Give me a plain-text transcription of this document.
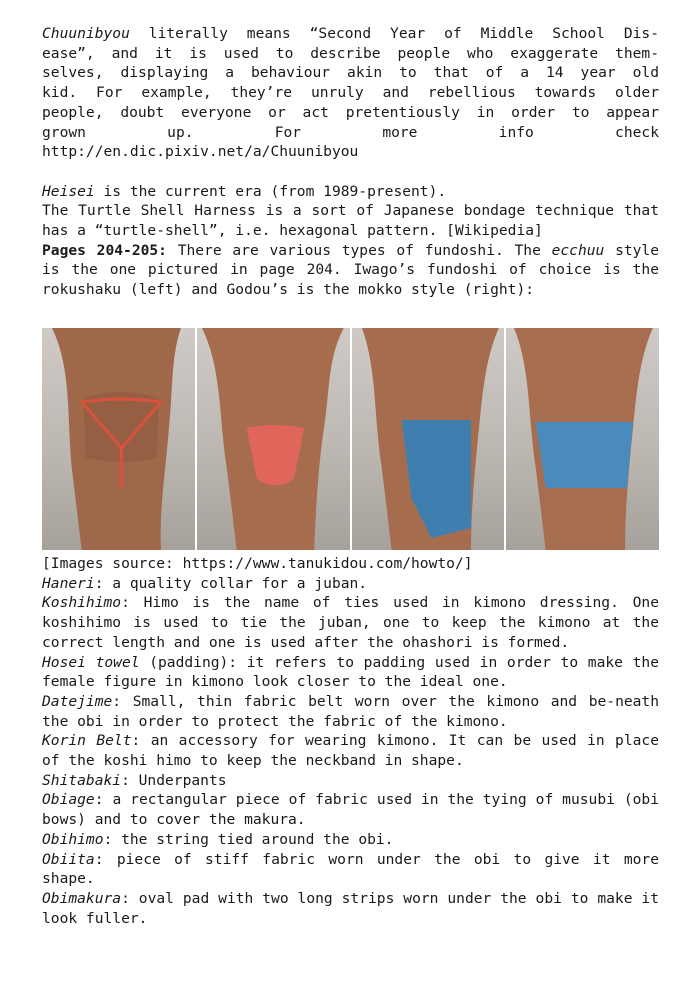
Chuunibyou literally means “Second Year of Middle School Dis-
ease”, and it is used to describe people who exaggerate them-
selves, displaying a behaviour akin to that of a 14 year old
kid. For example, they’re unruly and rebellious towards older
people, doubt everyone or act pretentiously in order to appear
grown up. For more info check

http://en.dic.pixiv.net/a/Chuunibyou

Heisei is the current era (from 1989-present).

The Turtle Shell Harness is a sort of Japanese bondage technique that has a “turtle-shell”, i.e. hexagonal pattern. [Wikipedia]

Pages 204-205: There are various types of fundoshi. The ecchuu style is the one pictured in page 204. Iwago’s fundoshi of choice is the rokushaku (left) and Godou’s is the mokko style (right):

[Images source: https://www.tanukidou.com/howto/]

Haneri: a quality collar for a juban.

Koshihimo: Himo is the name of ties used in kimono dressing. One koshihimo is used to tie the juban, one to keep the kimono at the correct length and one is used after the ohashori is formed.

Hosei towel (padding): it refers to padding used in order to make the female figure in kimono look closer to the ideal one.

Datejime: Small, thin fabric belt worn over the kimono and be-neath the obi in order to protect the fabric of the kimono.

Korin Belt: an accessory for wearing kimono. It can be used in place of the koshi himo to keep the neckband in shape.

Shitabaki: Underpants

Obiage: a rectangular piece of fabric used in the tying of musubi (obi bows) and to cover the makura.

Obihimo: the string tied around the obi.

Obiita: piece of stiff fabric worn under the obi to give it more shape.

Obimakura: oval pad with two long strips worn under the obi to make it look fuller.
